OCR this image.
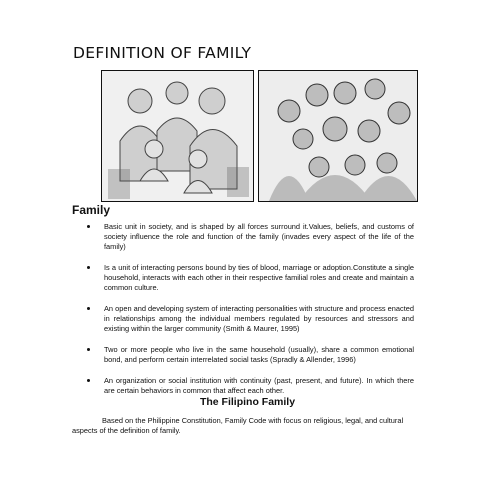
DEFINITION OF FAMILY
Family
Basic unit in society, and is shaped by all forces surround it.Values, beliefs, and customs of society influence the role and function of the family (invades every aspect of the life of the family)
Is a unit of interacting persons bound by ties of blood, marriage or adoption.Constitute a single household, interacts with each other in their respective familial roles and create and maintain a common culture.
An open and developing system of interacting personalities with structure and process enacted in relationships among the individual members regulated by resources and stressors and existing within the larger community (Smith & Maurer, 1995)
Two or more people who live in the same household (usually), share a common emotional bond, and perform certain interrelated social tasks (Spradly & Allender, 1996)
An organization or social institution with continuity (past, present, and future). In which there are certain behaviors in common that affect each other.
The Filipino Family

Based on the Philippine Constitution, Family Code with focus on religious, legal, and cultural aspects of the definition of family.
